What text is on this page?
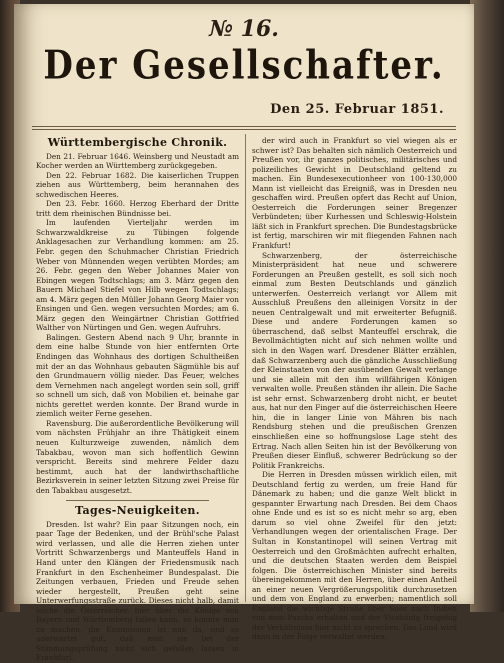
№ 16.
Der Gesellschafter.
Den 25. Februar 1851.
Württembergische Chronik.

Den 21. Februar 1646. Weinsberg und Neustadt am Kocher werden an Württemberg zurückgegeben.

Den 22. Februar 1682. Die kaiserlichen Truppen ziehen aus Württemberg, beim herannahen des schwedischen Heeres.

Den 23. Febr. 1660. Herzog Eberhard der Dritte tritt dem rheinischen Bündnisse bei.

Im laufenden Vierteljahr werden im Schwarzwaldkreise zu Tübingen folgende Anklagesachen zur Verhandlung kommen: am 25. Febr. gegen den Schuhmacher Christian Friedrich Weber von Münnenden wegen verübten Mordes; am 26. Febr. gegen den Weber Johannes Maier von Ebingen wegen Todtschlags; am 3. März gegen den Bauern Michael Stiefel von Hilb wegen Todtschlags; am 4. März gegen den Müller Johann Georg Maier von Ensingen und Gen. wegen versuchten Mordes; am 6. März gegen den Weingärtner Christian Gottfried Walther von Nürtingen und Gen. wegen Aufruhrs.

Balingen. Gestern Abend nach 9 Uhr, brannte in dem eine halbe Stunde von hier entfernten Orte Endingen das Wohnhaus des dortigen Schultheißen mit der an das Wohnhaus gebauten Sägmühle bis auf den Grundmauern völlig nieder. Das Feuer, welches dem Vernehmen nach angelegt worden sein soll, griff so schnell um sich, daß von Mobilien et. beinahe gar nichts gerettet werden konnte. Der Brand wurde in ziemlich weiter Ferne gesehen.

Ravensburg. Die außerordentliche Bevölkerung will vom nächsten Frühjahr an ihre Thätigkeit einem neuen Kulturzweige zuwenden, nämlich dem Tabakbau, wovon man sich hoffentlich Gewinn verspricht. Bereits sind mehrere Felder dazu bestimmt, auch hat der landwirthschaftliche Bezirksverein in seiner letzten Sitzung zwei Preise für den Tabakbau ausgesetzt.

Tages-Neuigkeiten.

Dresden. Ist wahr? Ein paar Sitzungen noch, ein paar Tage der Bedenken, und der Brühl'sche Palast wird verlassen, und alle die Herren ziehen unter Vortritt Schwarzenbergs und Manteuffels Hand in Hand unter den Klängen der Friedensmusik nach Frankfurt in den Eschenheimer Bundespalast. Die Zeitungen verbauen, Frieden und Freude sehen wieder hergestellt, Preußen geht seine Unterwerfungsstraße zurück. Dieses nicht halb, damit leiche die Österreicher, hier über die Könige von Bayern und Württemberg fallen kann, so konnte man zu machen, die Kommission ist nun da, und so unerwartet gut, daß man sie bei der Stimmungsprüfung nicht sich gefallen lassen in Frankfurt.

der wird auch in Frankfurt so viel wiegen als er schwer ist? Das behalten sich nämlich Oesterreich und Preußen vor, ihr ganzes politisches, militärisches und polizeiliches Gewicht in Deutschland geltend zu machen. Ein Bundesexecutionheer von 100-130,000 Mann ist vielleicht das Ereigniß, was in Dresden neu geschaffen wird. Preußen opfert das Recht auf Union, Oesterreich die Forderungen seiner Bregenzer Verbündeten; über Kurhessen und Schleswig-Holstein läßt sich in Frankfurt sprechen. Die Bundestagsbrücke ist fertig, marschiren wir mit fliegenden Fahnen nach Frankfurt!

Schwarzenberg, der österreichische Ministerpräsident hat neue und schwerere Forderungen an Preußen gestellt, es soll sich noch einmal zum Besten Deutschlands und gänzlich unterwerfen. Oesterreich verlangt vor Allem mit Ausschluß Preußens den alleinigen Vorsitz in der neuen Centralgewalt und mit erweiterter Befugniß. Diese und andere Forderungen kamen so überraschend, daß selbst Manteuffel erschrak, die Bevollmächtigten nicht auf sich nehmen wollte und sich in den Wagen warf. Dresdener Blätter erzählen, daß Schwarzenberg auch die gänzliche Ausschließung der Kleinstaaten von der ausübenden Gewalt verlange und sie allein mit den ihm willfährigen Königen verwalten wolle. Preußen ständen ihr allein. Die Sache ist sehr ernst. Schwarzenberg droht nicht, er beutet aus, hat nur den Finger auf die österreichischen Heere hin, die in langer Linie von Mähren bis nach Rendsburg stehen und die preußischen Grenzen einschließen eine so hoffnungslose Lage steht des Ertrag. Nach allen Seiten hin ist der Bevölkerung von Preußen dieser Einfluß, schwerer Bedrückung so der Politik Frankreichs.

Die Herren in Dresden müssen wirklich eilen, mit Deutschland fertig zu werden, um freie Hand für Dänemark zu haben; und die ganze Welt blickt in gespannter Erwartung nach Dresden. Bei dem Chaos ohne Ende und es ist so es nicht mehr so arg, eben darum so viel ohne Zweifel für den jetzt: Verhandlungen wegen der orientalischen Frage. Der Sultan in Konstantinopel will seinen Vertrag mit Oesterreich und den Großmächten aufrecht erhalten, und die deutschen Staaten werden dem Beispiel folgen. Die österreichischen Minister sind bereits übereingekommen mit den Herren, über einen Antheil an einer neuen Vergrößerungspolitik durchzusetzen und dem von England zu erwerben; namentlich soll England die wichtige Straße über Suez nach Indien von dem Pascha erhalten und der Vicekönig freigebig der Verhältnisse hier nicht zu sprechen. Das Land wird dann in der Folge verwaltet werden.
